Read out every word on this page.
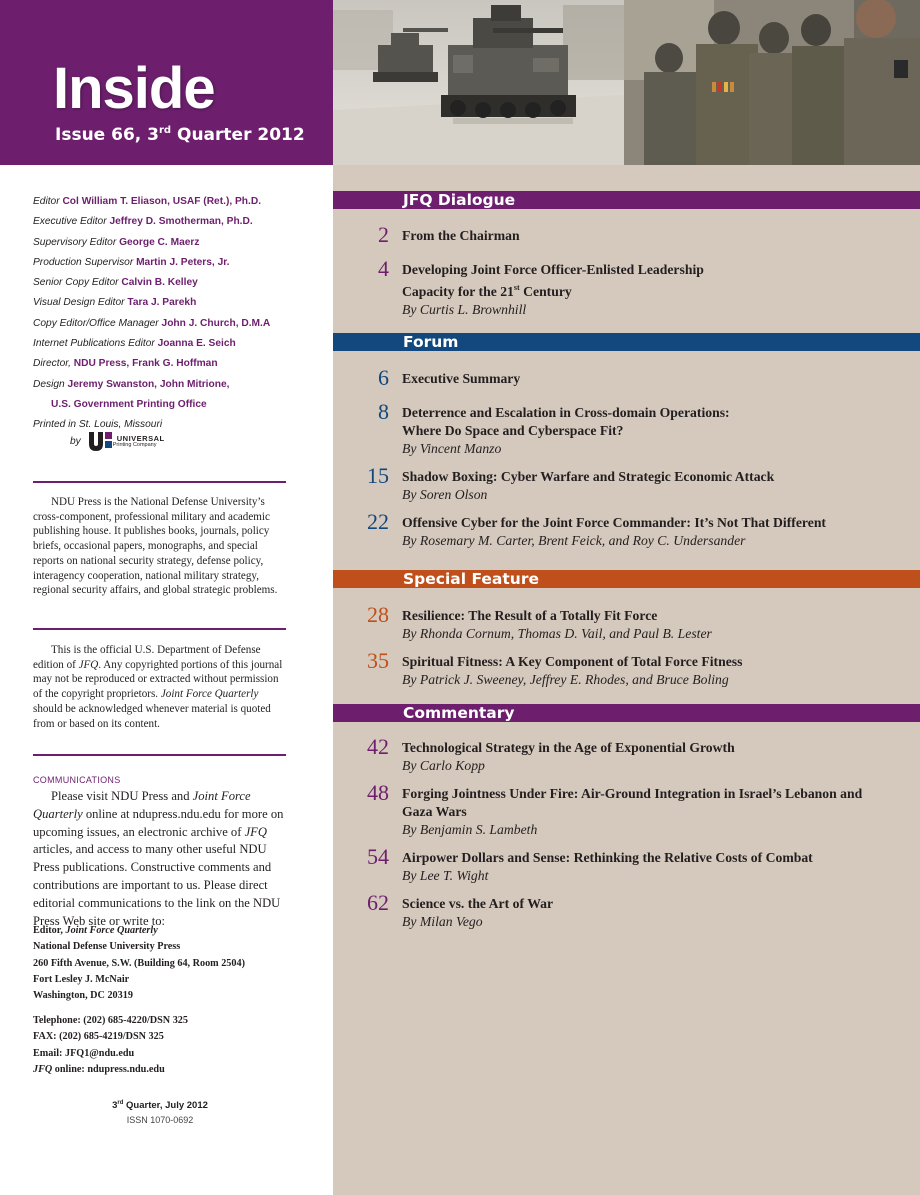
Inside
Issue 66, 3rd Quarter 2012
Editor Col William T. Eliason, USAF (Ret.), Ph.D.
Executive Editor Jeffrey D. Smotherman, Ph.D.
Supervisory Editor George C. Maerz
Production Supervisor Martin J. Peters, Jr.
Senior Copy Editor Calvin B. Kelley
Visual Design Editor Tara J. Parekh
Copy Editor/Office Manager John J. Church, D.M.A
Internet Publications Editor Joanna E. Seich
Director, NDU Press, Frank G. Hoffman
Design Jeremy Swanston, John Mitrione,
U.S. Government Printing Office
Printed in St. Louis, Missouri
by	UNIVERSAL
Printing Company
NDU Press is the National Defense University’s cross-component, professional military and academic publishing house. It publishes books, journals, policy briefs, occasional papers, monographs, and special reports on national security strategy, defense policy, interagency cooperation, national military strategy, regional security affairs, and global strategic problems.
This is the official U.S. Department of Defense edition of JFQ. Any copyrighted portions of this journal may not be reproduced or extracted without permission of the copyright proprietors. Joint Force Quarterly should be acknowledged whenever material is quoted from or based on its content.
COMMUNICATIONS
Please visit NDU Press and Joint Force Quarterly online at ndupress.ndu.edu for more on upcoming issues, an electronic archive of JFQ articles, and access to many other useful NDU Press publications. Constructive comments and contributions are important to us. Please direct editorial communications to the link on the NDU Press Web site or write to:
Editor, Joint Force Quarterly
National Defense University Press
260 Fifth Avenue, S.W. (Building 64, Room 2504)
Fort Lesley J. McNair
Washington, DC 20319
Telephone: (202) 685-4220/DSN 325
FAX: (202) 685-4219/DSN 325
Email: JFQ1@ndu.edu
JFQ online: ndupress.ndu.edu
3rd Quarter, July 2012
ISSN 1070-0692
JFQ Dialogue
2 From the Chairman
4 Developing Joint Force Officer-Enlisted Leadership
Capacity for the 21st Century
By Curtis L. Brownhill
Forum
6 Executive Summary
8 Deterrence and Escalation in Cross-domain Operations:
Where Do Space and Cyberspace Fit?
By Vincent Manzo
15 Shadow Boxing: Cyber Warfare and Strategic Economic Attack
By Soren Olson
22 Offensive Cyber for the Joint Force Commander: It’s Not That Different
By Rosemary M. Carter, Brent Feick, and Roy C. Undersander
Special Feature
28 Resilience: The Result of a Totally Fit Force
By Rhonda Cornum, Thomas D. Vail, and Paul B. Lester
35 Spiritual Fitness: A Key Component of Total Force Fitness
By Patrick J. Sweeney, Jeffrey E. Rhodes, and Bruce Boling
Commentary
42 Technological Strategy in the Age of Exponential Growth
By Carlo Kopp
48 Forging Jointness Under Fire: Air-Ground Integration in Israel’s Lebanon and
Gaza Wars
By Benjamin S. Lambeth
54 Airpower Dollars and Sense: Rethinking the Relative Costs of Combat
By Lee T. Wight
62 Science vs. the Art of War
By Milan Vego
